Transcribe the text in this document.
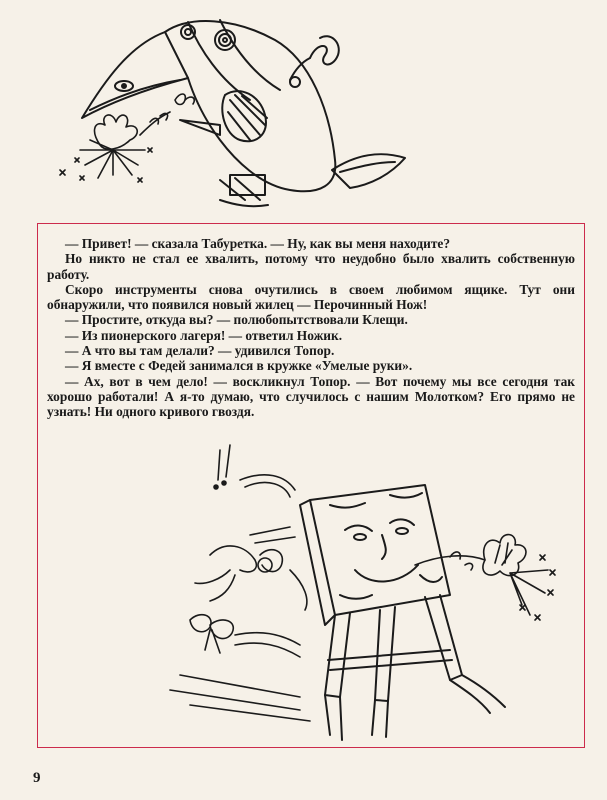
— Привет! — сказала Табуретка. — Ну, как вы меня находите?

Но никто не стал ее хвалить, потому что неудобно было хвалить собственную работу.

Скоро инструменты снова очутились в своем любимом ящике. Тут они обнаружили, что появился новый жилец — Перочинный Нож!

— Простите, откуда вы? — полюбопытствовали Клещи.

— Из пионерского лагеря! — ответил Ножик.

— А что вы там делали? — удивился Топор.

— Я вместе с Федей занимался в кружке «Умелые руки».

— Ах, вот в чем дело! — воскликнул Топор. — Вот почему мы все сегодня так хорошо работали! А я-то думаю, что случилось с нашим Молотком? Его прямо не узнать! Ни одного кривого гвоздя.

9
